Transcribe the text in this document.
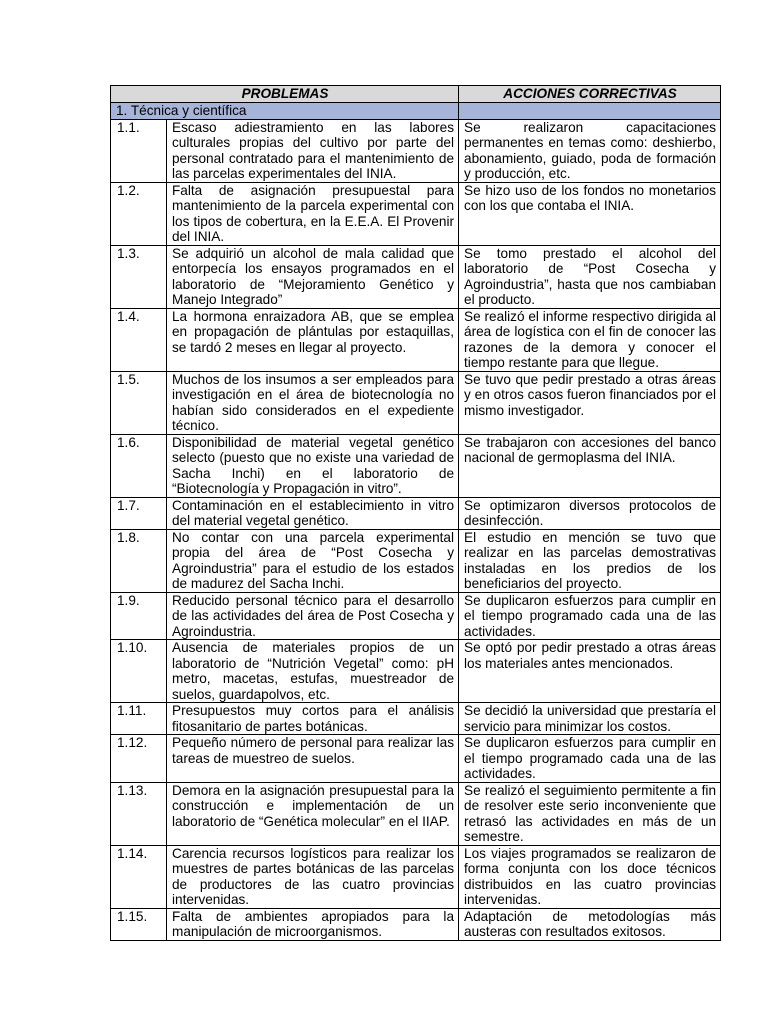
PROBLEMAS		ACCIONES CORRECTIVAS
1. Técnica y científica		
1.1.	Escaso adiestramiento en las labores culturales propias del cultivo por parte del personal contratado para el mantenimiento de las parcelas experimentales del INIA.	Se realizaron capacitaciones permanentes en temas como: deshierbo, abonamiento, guiado, poda de formación y producción, etc.
1.2.	Falta de asignación presupuestal para mantenimiento de la parcela experimental con los tipos de cobertura, en la E.E.A. El Provenir del INIA.	Se hizo uso de los fondos no monetarios con los que contaba el INIA.
1.3.	Se adquirió un alcohol de mala calidad que entorpecía los ensayos programados en el laboratorio de “Mejoramiento Genético y Manejo Integrado”	Se tomo prestado el alcohol del laboratorio de “Post Cosecha y Agroindustria”, hasta que nos cambiaban el producto.
1.4.	La hormona enraizadora AB, que se emplea en propagación de plántulas por estaquillas, se tardó 2 meses en llegar al proyecto.	Se realizó el informe respectivo dirigida al área de logística con el fin de conocer las razones de la demora y conocer el tiempo restante para que llegue.
1.5.	Muchos de los insumos a ser empleados para investigación en el área de biotecnología no habían sido considerados en el expediente técnico.	Se tuvo que pedir prestado a otras áreas y en otros casos fueron financiados por el mismo investigador.
1.6.	Disponibilidad de material vegetal genético selecto (puesto que no existe una variedad de Sacha Inchi) en el laboratorio de “Biotecnología y Propagación in vitro”.	Se trabajaron con accesiones del banco nacional de germoplasma del INIA.
1.7.	Contaminación en el establecimiento in vitro del material vegetal genético.	Se optimizaron diversos protocolos de desinfección.
1.8.	No contar con una parcela experimental propia del área de “Post Cosecha y Agroindustria” para el estudio de los estados de madurez del Sacha Inchi.	El estudio en mención se tuvo que realizar en las parcelas demostrativas instaladas en los predios de los beneficiarios del proyecto.
1.9.	Reducido personal técnico para el desarrollo de las actividades del área de Post Cosecha y Agroindustria.	Se duplicaron esfuerzos para cumplir en el tiempo programado cada una de las actividades.
1.10.	Ausencia de materiales propios de un laboratorio de “Nutrición Vegetal” como: pH metro, macetas, estufas, muestreador de suelos, guardapolvos, etc.	Se optó por pedir prestado a otras áreas los materiales antes mencionados.
1.11.	Presupuestos muy cortos para el análisis fitosanitario de partes botánicas.	Se decidió la universidad que prestaría el servicio para minimizar los costos.
1.12.	Pequeño número de personal para realizar las tareas de muestreo de suelos.	Se duplicaron esfuerzos para cumplir en el tiempo programado cada una de las actividades.
1.13.	Demora en la asignación presupuestal para la construcción e implementación de un laboratorio de “Genética molecular” en el IIAP.	Se realizó el seguimiento permitente a fin de resolver este serio inconveniente que retrasó las actividades en más de un semestre.
1.14.	Carencia recursos logísticos para realizar los muestres de partes botánicas de las parcelas de productores de las cuatro provincias intervenidas.	Los viajes programados se realizaron de forma conjunta con los doce técnicos distribuidos en las cuatro provincias intervenidas.
1.15.	Falta de ambientes apropiados para la manipulación de microorganismos.	Adaptación de metodologías más austeras con resultados exitosos.
